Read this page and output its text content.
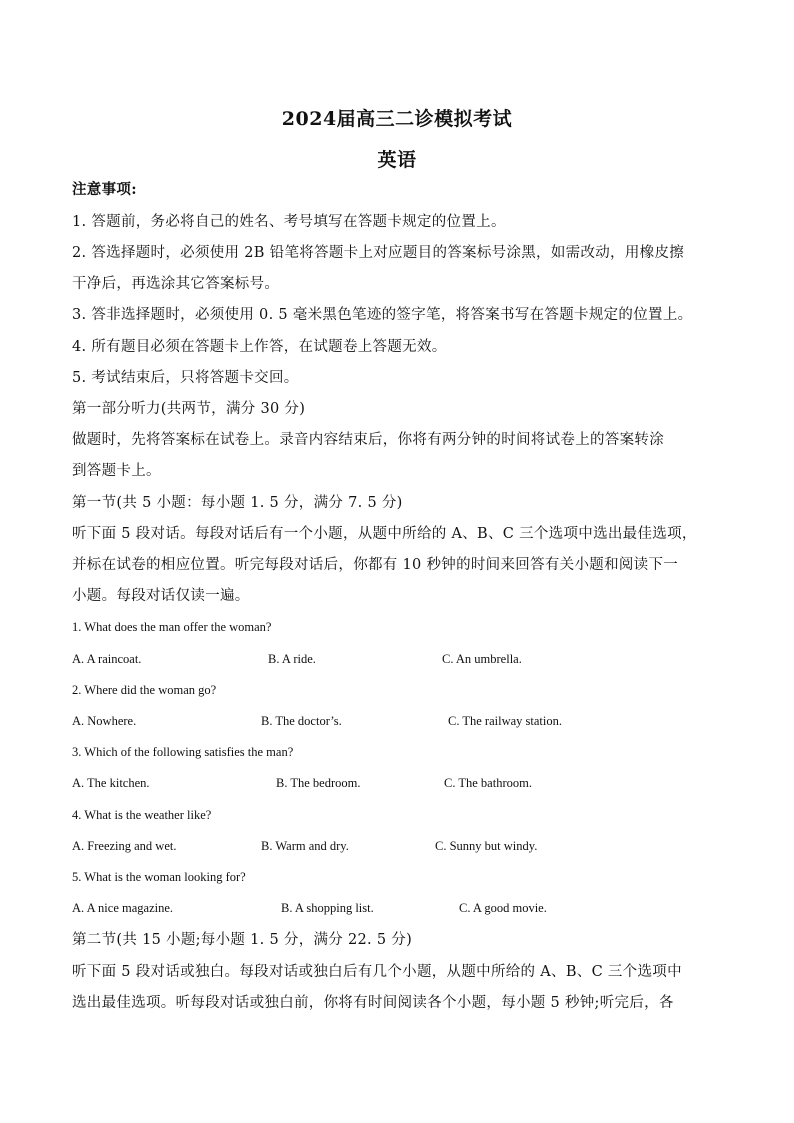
2024届高三二诊模拟考试
英语
注意事项:
1. 答题前，务必将自己的姓名、考号填写在答题卡规定的位置上。
2. 答选择题时，必须使用 2B 铅笔将答题卡上对应题目的答案标号涂黑，如需改动，用橡皮擦
干净后，再选涂其它答案标号。
3. 答非选择题时，必须使用 0. 5 毫米黑色笔迹的签字笔，将答案书写在答题卡规定的位置上。
4. 所有题目必须在答题卡上作答，在试题卷上答题无效。
5. 考试结束后，只将答题卡交回。
第一部分听力(共两节，满分 30 分)
做题时，先将答案标在试卷上。录音内容结束后，你将有两分钟的时间将试卷上的答案转涂
到答题卡上。
第一节(共 5 小题：每小题 1. 5 分，满分 7. 5 分)
听下面 5 段对话。每段对话后有一个小题，从题中所给的 A、B、C 三个选项中选出最佳选项，
并标在试卷的相应位置。听完每段对话后，你都有 10 秒钟的时间来回答有关小题和阅读下一
小题。每段对话仅读一遍。
1. What does the man offer the woman?
A. A raincoat.	B. A ride.	C. An umbrella.
2. Where did the woman go?
A. Nowhere.	B. The doctor’s.	C. The railway station.
3. Which of the following satisfies the man?
A. The kitchen.	B. The bedroom.	C. The bathroom.
4. What is the weather like?
A. Freezing and wet.	B. Warm and dry.	C. Sunny but windy.
5. What is the woman looking for?
A. A nice magazine.	B. A shopping list.	C. A good movie.
第二节(共 15 小题;每小题 1. 5 分，满分 22. 5 分)
听下面 5 段对话或独白。每段对话或独白后有几个小题，从题中所给的 A、B、C 三个选项中
选出最佳选项。听每段对话或独白前，你将有时间阅读各个小题，每小题 5 秒钟;听完后，各
